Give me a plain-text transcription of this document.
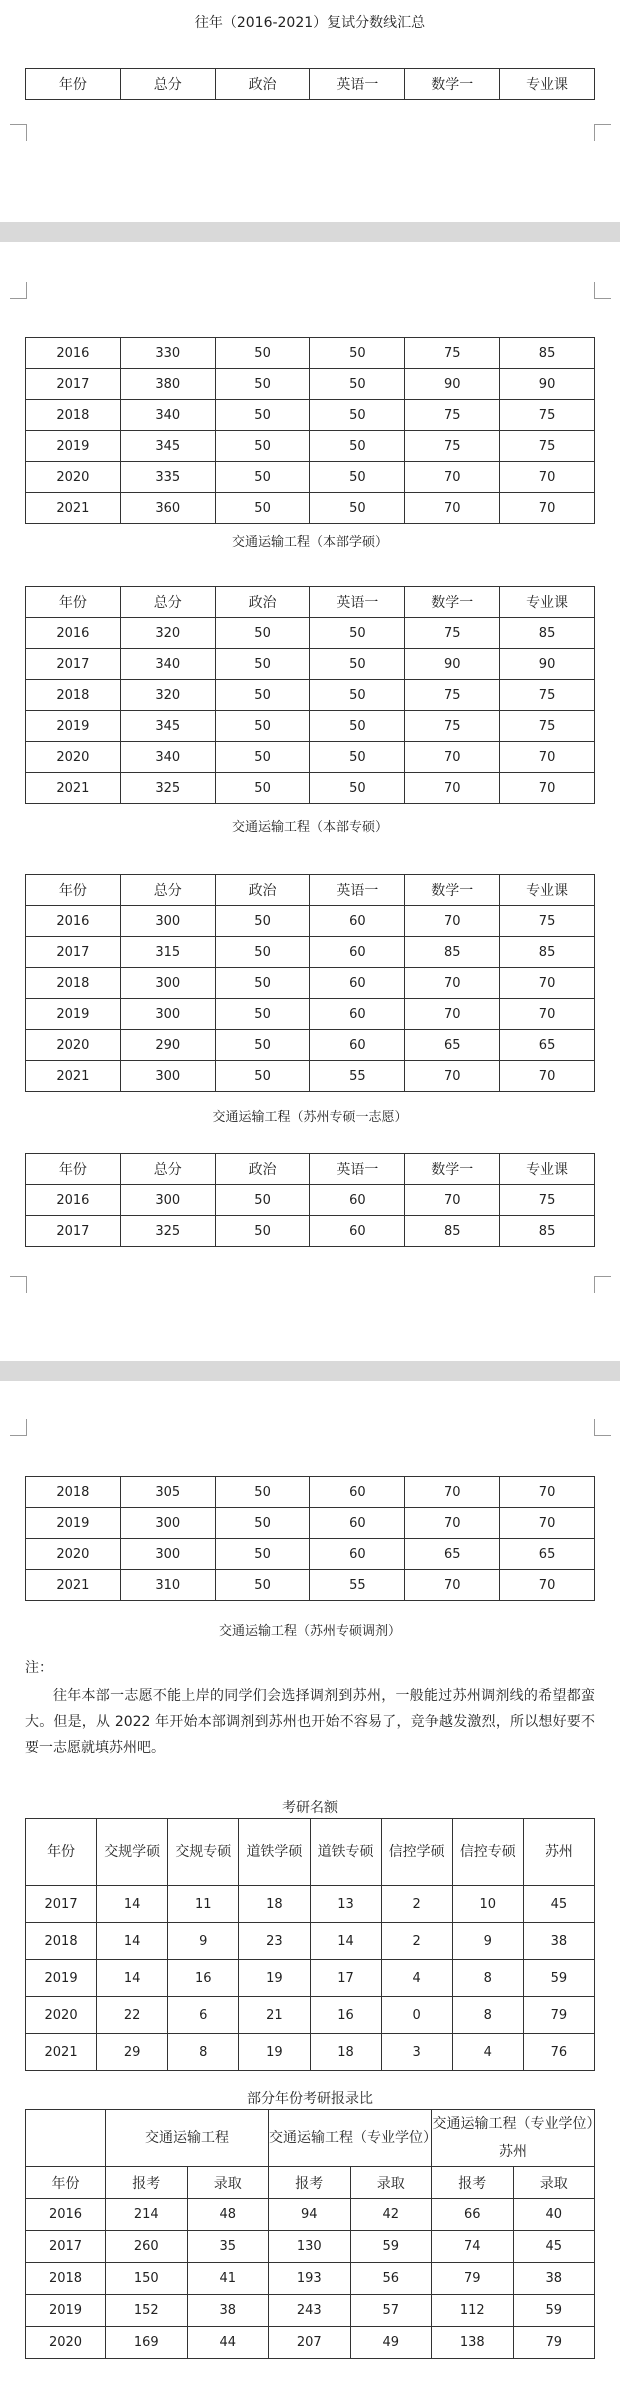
往年（2016-2021）复试分数线汇总
年份	总分	政治	英语一	数学一	专业课
2016	330	50	50	75	85
2017	380	50	50	90	90
2018	340	50	50	75	75
2019	345	50	50	75	75
2020	335	50	50	70	70
2021	360	50	50	70	70
交通运输工程（本部学硕）
年份	总分	政治	英语一	数学一	专业课
2016	320	50	50	75	85
2017	340	50	50	90	90
2018	320	50	50	75	75
2019	345	50	50	75	75
2020	340	50	50	70	70
2021	325	50	50	70	70
交通运输工程（本部专硕）
年份	总分	政治	英语一	数学一	专业课
2016	300	50	60	70	75
2017	315	50	60	85	85
2018	300	50	60	70	70
2019	300	50	60	70	70
2020	290	50	60	65	65
2021	300	50	55	70	70
交通运输工程（苏州专硕一志愿）
年份	总分	政治	英语一	数学一	专业课
2016	300	50	60	70	75
2017	325	50	60	85	85
2018	305	50	60	70	70
2019	300	50	60	70	70
2020	300	50	60	65	65
2021	310	50	55	70	70
交通运输工程（苏州专硕调剂）
注：
往年本部一志愿不能上岸的同学们会选择调剂到苏州，一般能过苏州调剂线的希望都蛮大。但是，从 2022 年开始本部调剂到苏州也开始不容易了，竞争越发激烈，所以想好要不要一志愿就填苏州吧。
考研名额
年份	交规学硕	交规专硕	道铁学硕	道铁专硕	信控学硕	信控专硕	苏州
2017	14	11	18	13	2	10	45
2018	14	9	23	14	2	9	38
2019	14	16	19	17	4	8	59
2020	22	6	21	16	0	8	79
2021	29	8	19	18	3	4	76
部分年份考研报录比
	交通运输工程		交通运输工程（专业学位）		交通运输工程（专业学位）苏州	
年份	报考	录取	报考	录取	报考	录取
2016	214	48	94	42	66	40
2017	260	35	130	59	74	45
2018	150	41	193	56	79	38
2019	152	38	243	57	112	59
2020	169	44	207	49	138	79
